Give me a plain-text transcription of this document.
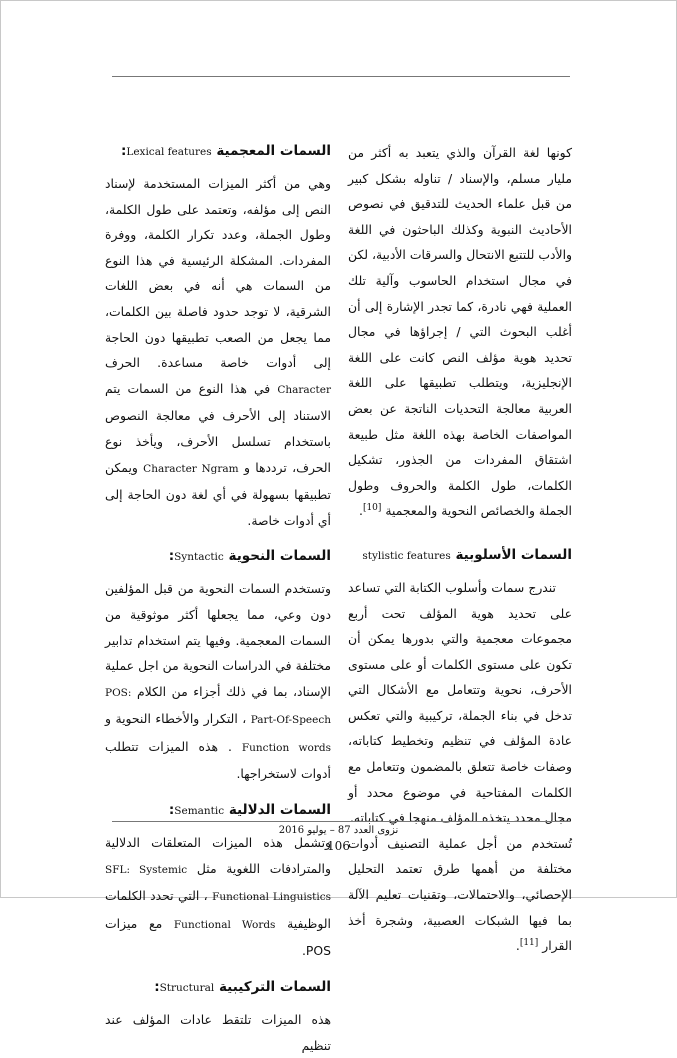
كونها لغة القرآن والذي يتعبد به أكثر من مليار مسلم، والإسناد / تناوله بشكل كبير من قبل علماء الحديث للتدقيق في نصوص الأحاديث النبوية وكذلك الباحثون في اللغة والأدب للتتبع الانتحال والسرقات الأدبية، لكن في مجال استخدام الحاسوب وآلية تلك العملية فهي نادرة، كما تجدر الإشارة إلى أن أغلب البحوث التي / إجراؤها في مجال تحديد هوية مؤلف النص كانت على اللغة الإنجليزية، ويتطلب تطبيقها على اللغة العربية معالجة التحديات الناتجة عن بعض المواصفات الخاصة بهذه اللغة مثل طبيعة اشتقاق المفردات من الجذور، تشكيل الكلمات، طول الكلمة والحروف وطول الجملة والخصائص النحوية والمعجمية [10].

السمات الأسلوبية stylistic features

تندرج سمات وأسلوب الكتابة التي تساعد على تحديد هوية المؤلف تحت أربع مجموعات معجمية والتي بدورها يمكن أن تكون على مستوى الكلمات أو على مستوى الأحرف، نحوية وتتعامل مع الأشكال التي تدخل في بناء الجملة، تركيبية والتي تعكس عادة المؤلف في تنظيم وتخطيط كتاباته، وصفات خاصة تتعلق بالمضمون وتتعامل مع الكلمات المفتاحية في موضوع محدد أو مجال محدد يتخذه المؤلف منهجا في كتاباته.

تُستخدم من أجل عملية التصنيف أدوات مختلفة من أهمها طرق تعتمد التحليل الإحصائي، والاحتمالات، وتقنيات تعليم الآلة بما فيها الشبكات العصبية، وشجرة أخذ القرار [11].

السمات المعجمية Lexical features:

وهي من أكثر الميزات المستخدمة لإسناد النص إلى مؤلفه، وتعتمد على طول الكلمة، وطول الجملة، وعدد تكرار الكلمة، ووفرة المفردات. المشكلة الرئيسية في هذا النوع من السمات هي أنه في بعض اللغات الشرقية، لا توجد حدود فاصلة بين الكلمات، مما يجعل من الصعب تطبيقها دون الحاجة إلى أدوات خاصة مساعدة. الحرف Character في هذا النوع من السمات يتم الاستناد إلى الأحرف في معالجة النصوص باستخدام تسلسل الأحرف، ويأخذ نوع الحرف، ترددها و Character Ngram ويمكن تطبيقها بسهولة في أي لغة دون الحاجة إلى أي أدوات خاصة.

السمات النحوية Syntactic:

وتستخدم السمات النحوية من قبل المؤلفين دون وعي، مما يجعلها أكثر موثوقية من السمات المعجمية. وفيها يتم استخدام تدابير مختلفة في الدراسات النحوية من اجل عملية الإسناد، بما في ذلك أجزاء من الكلام POS: Part-Of-Speech ، التكرار والأخطاء النحوية و Function words . هذه الميزات تتطلب أدوات لاستخراجها.

السمات الدلالية Semantic:

وتشمل هذه الميزات المتعلقات الدلالية والمترادفات اللغوية مثل SFL: Systemic Functional Linguistics ، التي تحدد الكلمات الوظيفية Functional Words مع ميزات POS.

السمات التركيبية Structural:

هذه الميزات تلتقط عادات المؤلف عند تنظيم

نزوى العدد 87 – يوليو 2016
106
